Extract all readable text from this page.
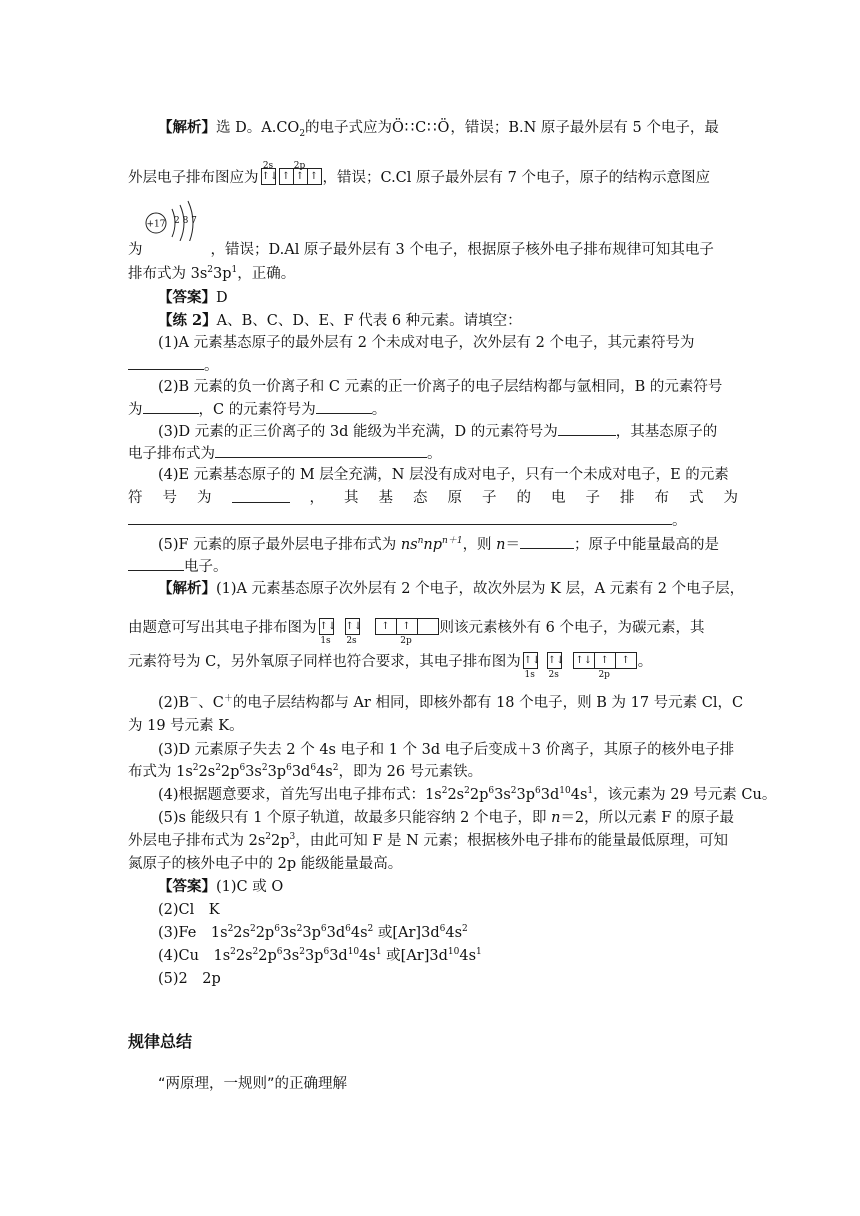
【解析】选 D。$A.CO_2$的电子式应为Ö∷C∷Ö，错误；B.N 原子最外层有 5 个电子，最
外层电子排布图应为
2s
↑↓
2p
↑ ↑ ↑ ，错误；C.Cl 原子最外层有 7 个电子，原子的结构示意图应
+17 2 8 7
为	，错误；D.Al 原子最外层有 3 个电子，根据原子核外电子排布规律可知其电子
排布式为 $3s^23p^1$，正确。
【答案】D
【练 2】A、B、C、D、E、F 代表 6 种元素。请填空：
(1)A 元素基态原子的最外层有 2 个未成对电子，次外层有 2 个电子，其元素符号为
。
(2)B 元素的负一价离子和 C 元素的正一价离子的电子层结构都与氩相同，B 的元素符号
为	，C 的元素符号为	。
(3)D 元素的正三价离子的 3d 能级为半充满，D 的元素符号为	，其基态原子的
电子排布式为	。
(4)E 元素基态原子的 M 层全充满，N 层没有成对电子，只有一个未成对电子，E 的元素
符 号 为	， 其 基 态 原 子 的 电 子 排 布 式 为
。
(5)F 元素的原子最外层电子排布式为 $ns^nnp^{n+1}$，则 n＝	；原子中能量最高的是
电子。
【解析】(1)A 元素基态原子次外层有 2 个电子，故次外层为 K 层，A 元素有 2 个电子层，
由题意可写出其电子排布图为 ↑↓
1s
↑↓
2s
↑ ↑
2p
则该元素核外有 6 个电子，为碳元素，其
元素符号为 C，另外氧原子同样也符合要求，其电子排布图为 ↑↓
1s
↑↓
2s
↑↓ ↑ ↑
2p
。
(2)B－、C＋的电子层结构都与 Ar 相同，即核外都有 18 个电子，则 B 为 17 号元素 Cl，C
为 19 号元素 K。
(3)D 元素原子失去 2 个 4s 电子和 1 个 3d 电子后变成＋3 价离子，其原子的核外电子排
布式为 $1s^22s^22p^63s^23p^63d^64s^2$，即为 26 号元素铁。
(4)根据题意要求，首先写出电子排布式：$1s^22s^22p^63s^23p^63d^{10}4s^1$，该元素为 29 号元素 Cu。
(5)s 能级只有 1 个原子轨道，故最多只能容纳 2 个电子，即 n＝2，所以元素 F 的原子最
外层电子排布式为 $2s^22p^3$，由此可知 F 是 N 元素；根据核外电子排布的能量最低原理，可知
氮原子的核外电子中的 2p 能级能量最高。
【答案】(1)C 或 O
(2)Cl　K
(3)Fe　$1s^22s^22p^63s^23p^63d^64s^2$ 或$[Ar]3d^64s^2$
(4)Cu　$1s^22s^22p^63s^23p^63d^{10}4s^1$ 或$[Ar]3d^{10}4s^1$
(5)2　2p
规律总结
“两原理，一规则”的正确理解
